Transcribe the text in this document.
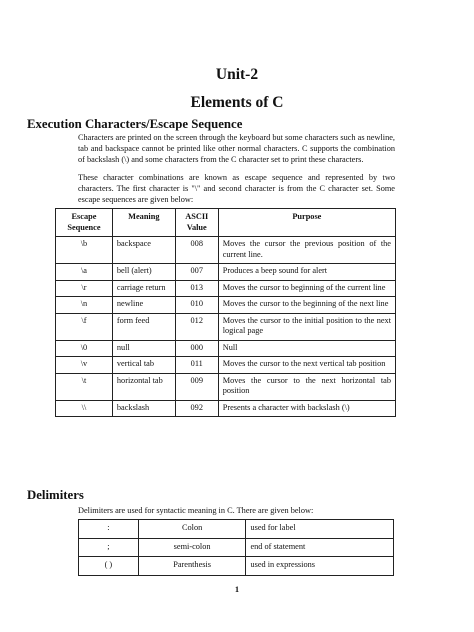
Unit-2
Elements of C
Execution Characters/Escape Sequence

Characters are printed on the screen through the keyboard but some characters such as newline, tab and backspace cannot be printed like other normal characters. C supports the combination of backslash (\) and some characters from the C character set to print these characters.

These character combinations are known as escape sequence and represented by two characters. The first character is "\" and second character is from the C character set. Some escape sequences are given below:

Escape Sequence	Meaning	ASCII Value	Purpose
\b	backspace	008	Moves the cursor the previous position of the current line.
\a	bell (alert)	007	Produces a beep sound for alert
\r	carriage return	013	Moves the cursor to beginning of the current line
\n	newline	010	Moves the cursor to the beginning of the next line
\f	form feed	012	Moves the cursor to the initial position to the next logical page
\0	null	000	Null
\v	vertical tab	011	Moves the cursor to the next vertical tab position
\t	horizontal tab	009	Moves the cursor to the next horizontal tab position
\\	backslash	092	Presents a character with backslash (\)
Delimiters

Delimiters are used for syntactic meaning in C. There are given below:

:	Colon	used for label
;	semi-colon	end of statement
( )	Parenthesis	used in expressions
1
